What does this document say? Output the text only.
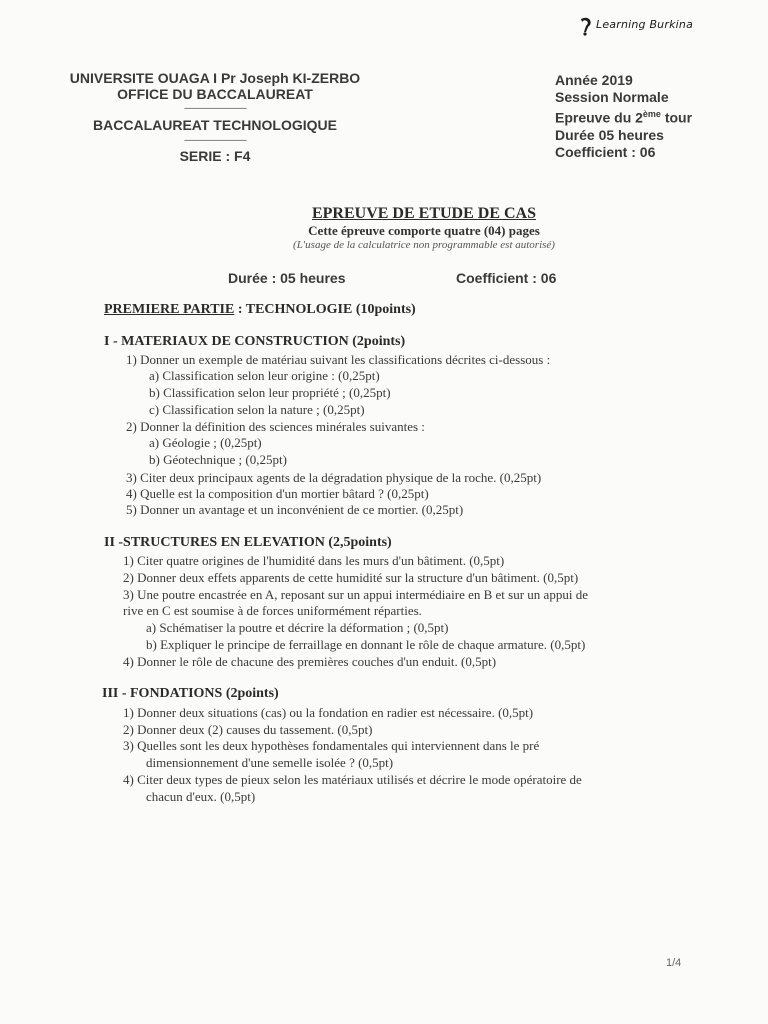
Learning Burkina
UNIVERSITE OUAGA I Pr Joseph KI-ZERBO
OFFICE DU BACCALAUREAT
-------------------------------
BACCALAUREAT TECHNOLOGIQUE
-------------------------------
SERIE : F4
Année 2019
Session Normale
Epreuve du 2ème tour
Durée 05 heures
Coefficient : 06
EPREUVE DE ETUDE DE CAS
Cette épreuve comporte quatre (04) pages
(L'usage de la calculatrice non programmable est autorisé)
Durée : 05 heures	Coefficient : 06
PREMIERE PARTIE : TECHNOLOGIE (10points)
I - MATERIAUX DE CONSTRUCTION (2points)
1) Donner un exemple de matériau suivant les classifications décrites ci-dessous :
a) Classification selon leur origine : (0,25pt)
b) Classification selon leur propriété ; (0,25pt)
c) Classification selon la nature ; (0,25pt)
2) Donner la définition des sciences minérales suivantes :
a) Géologie ; (0,25pt)
b) Géotechnique ; (0,25pt)
3) Citer deux principaux agents de la dégradation physique de la roche. (0,25pt)
4) Quelle est la composition d'un mortier bâtard ? (0,25pt)
5) Donner un avantage et un inconvénient de ce mortier. (0,25pt)
II -STRUCTURES EN ELEVATION (2,5points)
1) Citer quatre origines de l'humidité dans les murs d'un bâtiment. (0,5pt)
2) Donner deux effets apparents de cette humidité sur la structure d'un bâtiment. (0,5pt)
3) Une poutre encastrée en A, reposant sur un appui intermédiaire en B et sur un appui de
rive en C est soumise à de forces uniformément réparties.
a) Schématiser la poutre et décrire la déformation ; (0,5pt)
b) Expliquer le principe de ferraillage en donnant le rôle de chaque armature. (0,5pt)
4) Donner le rôle de chacune des premières couches d'un enduit. (0,5pt)
III - FONDATIONS (2points)
1) Donner deux situations (cas) ou la fondation en radier est nécessaire. (0,5pt)
2) Donner deux (2) causes du tassement. (0,5pt)
3) Quelles sont les deux hypothèses fondamentales qui interviennent dans le pré
dimensionnement d'une semelle isolée ? (0,5pt)
4) Citer deux types de pieux selon les matériaux utilisés et décrire le mode opératoire de
chacun d'eux. (0,5pt)
1/4
